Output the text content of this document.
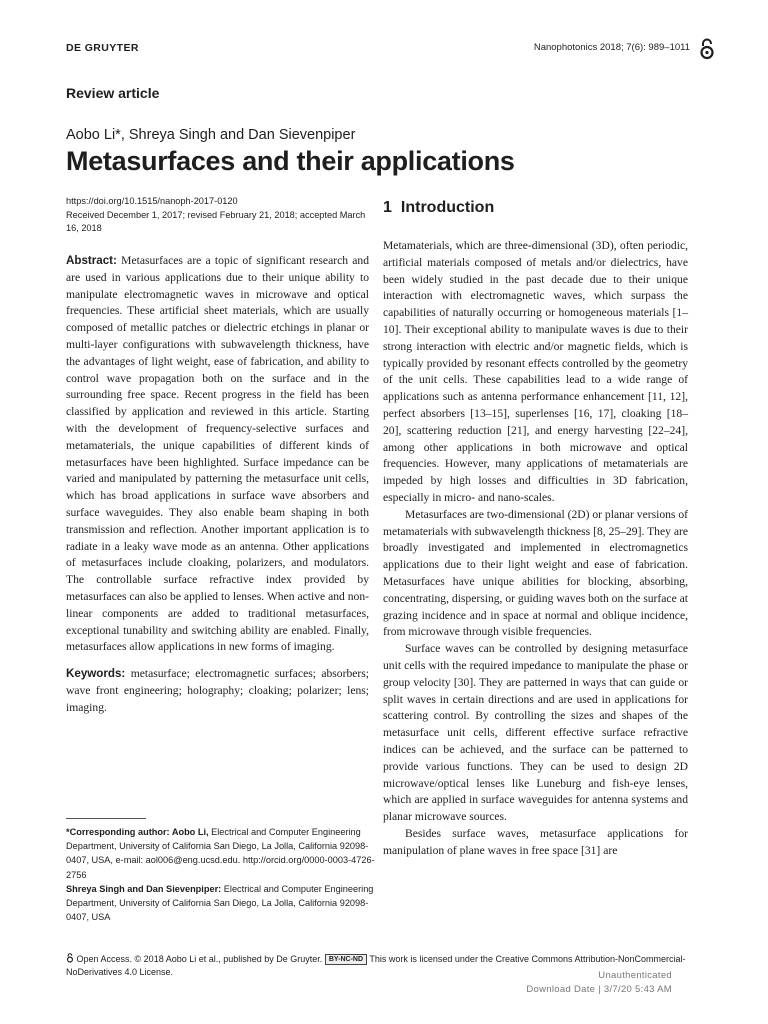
DE GRUYTER	Nanophotonics 2018; 7(6): 989–1011
Review article
Aobo Li*, Shreya Singh and Dan Sievenpiper
Metasurfaces and their applications
https://doi.org/10.1515/nanoph-2017-0120
Received December 1, 2017; revised February 21, 2018; accepted March 16, 2018

Abstract: Metasurfaces are a topic of significant research and are used in various applications due to their unique ability to manipulate electromagnetic waves in microwave and optical frequencies. These artificial sheet materials, which are usually composed of metallic patches or dielectric etchings in planar or multi-layer configurations with subwavelength thickness, have the advantages of light weight, ease of fabrication, and ability to control wave propagation both on the surface and in the surrounding free space. Recent progress in the field has been classified by application and reviewed in this article. Starting with the development of frequency-selective surfaces and metamaterials, the unique capabilities of different kinds of metasurfaces have been highlighted. Surface impedance can be varied and manipulated by patterning the metasurface unit cells, which has broad applications in surface wave absorbers and surface waveguides. They also enable beam shaping in both transmission and reflection. Another important application is to radiate in a leaky wave mode as an antenna. Other applications of metasurfaces include cloaking, polarizers, and modulators. The controllable surface refractive index provided by metasurfaces can also be applied to lenses. When active and non-linear components are added to traditional metasurfaces, exceptional tunability and switching ability are enabled. Finally, metasurfaces allow applications in new forms of imaging.

Keywords: metasurface; electromagnetic surfaces; absorbers; wave front engineering; holography; cloaking; polarizer; lens; imaging.

1 Introduction

Metamaterials, which are three-dimensional (3D), often periodic, artificial materials composed of metals and/or dielectrics, have been widely studied in the past decade due to their unique interaction with electromagnetic waves, which surpass the capabilities of naturally occurring or homogeneous materials [1–10]. Their exceptional ability to manipulate waves is due to their strong interaction with electric and/or magnetic fields, which is typically provided by resonant effects controlled by the geometry of the unit cells. These capabilities lead to a wide range of applications such as antenna performance enhancement [11, 12], perfect absorbers [13–15], superlenses [16, 17], cloaking [18–20], scattering reduction [21], and energy harvesting [22–24], among other applications in both microwave and optical frequencies. However, many applications of metamaterials are impeded by high losses and difficulties in 3D fabrication, especially in micro- and nano-scales.

Metasurfaces are two-dimensional (2D) or planar versions of metamaterials with subwavelength thickness [8, 25–29]. They are broadly investigated and implemented in electromagnetics applications due to their light weight and ease of fabrication. Metasurfaces have unique abilities for blocking, absorbing, concentrating, dispersing, or guiding waves both on the surface at grazing incidence and in space at normal and oblique incidence, from microwave through visible frequencies.

Surface waves can be controlled by designing metasurface unit cells with the required impedance to manipulate the phase or group velocity [30]. They are patterned in ways that can guide or split waves in certain directions and are used in applications for scattering control. By controlling the sizes and shapes of the metasurface unit cells, different effective surface refractive indices can be achieved, and the surface can be patterned to provide various functions. They can be used to design 2D microwave/optical lenses like Luneburg and fish-eye lenses, which are applied in surface waveguides for antenna systems and planar microwave sources.

Besides surface waves, metasurface applications for manipulation of plane waves in free space [31] are

*Corresponding author: Aobo Li, Electrical and Computer Engineering Department, University of California San Diego, La Jolla, California 92098-0407, USA, e-mail: aol006@eng.ucsd.edu. http://orcid.org/0000-0003-4726-2756
Shreya Singh and Dan Sievenpiper: Electrical and Computer Engineering Department, University of California San Diego, La Jolla, California 92098-0407, USA
Open Access. © 2018 Aobo Li et al., published by De Gruyter. BY-NC-ND This work is licensed under the Creative Commons Attribution-NonCommercial-NoDerivatives 4.0 License.	Unauthenticated
Download Date | 3/7/20 5:43 AM
